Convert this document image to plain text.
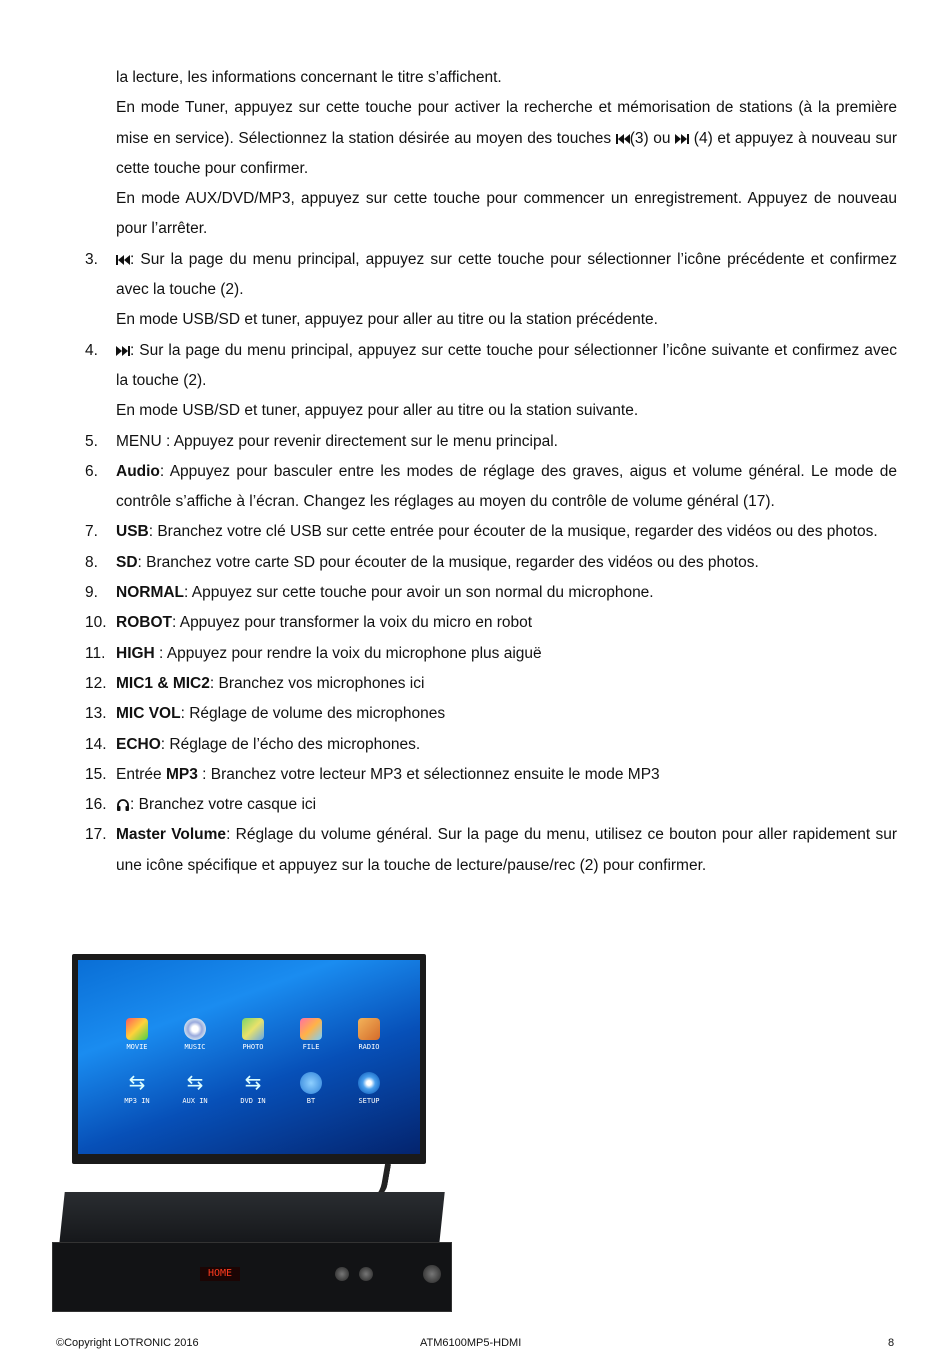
la lecture, les informations concernant le titre s’affichent.

En mode Tuner, appuyez sur cette touche pour activer la recherche et mémorisation de stations (à la première mise en service). Sélectionnez la station désirée au moyen des touches (3) ou (4) et appuyez à nouveau sur cette touche pour confirmer.

En mode AUX/DVD/MP3, appuyez sur cette touche pour commencer un enregistrement. Appuyez de nouveau pour l’arrêter.

3.	: Sur la page du menu principal, appuyez sur cette touche pour sélectionner l’icône précédente et confirmez avec la touche (2).

En mode USB/SD et tuner, appuyez pour aller au titre ou la station précédente.

4.	: Sur la page du menu principal, appuyez sur cette touche pour sélectionner l’icône suivante et confirmez avec la touche (2).

En mode USB/SD et tuner, appuyez pour aller au titre ou la station suivante.

5.	MENU : Appuyez pour revenir directement sur le menu principal.

6.	Audio: Appuyez pour basculer entre les modes de réglage des graves, aigus et volume général. Le mode de contrôle s’affiche à l’écran. Changez les réglages au moyen du contrôle de volume général (17).

7.	USB: Branchez votre clé USB sur cette entrée pour écouter de la musique, regarder des vidéos ou des photos.

8.	SD: Branchez votre carte SD pour écouter de la musique, regarder des vidéos ou des photos.

9.	NORMAL: Appuyez sur cette touche pour avoir un son normal du microphone.

10. ROBOT: Appuyez pour transformer la voix du micro en robot

11. HIGH : Appuyez pour rendre la voix du microphone plus aiguë

12. MIC1 & MIC2: Branchez vos microphones ici

13. MIC VOL: Réglage de volume des microphones

14. ECHO: Réglage de l’écho des microphones.

15. Entrée MP3 : Branchez votre lecteur MP3 et sélectionnez ensuite le mode MP3

16.	: Branchez votre casque ici

17. Master Volume: Réglage du volume général. Sur la page du menu, utilisez ce bouton pour aller rapidement sur une icône spécifique et appuyez sur la touche de lecture/pause/rec (2) pour confirmer.

MOVIE	MUSIC	PHOTO	FILE	RADIO
⇆
MP3 IN
⇆
AUX IN
⇆
DVD IN	BT	SETUP
HOME
©Copyright LOTRONIC 2016	ATM6100MP5-HDMI	8
